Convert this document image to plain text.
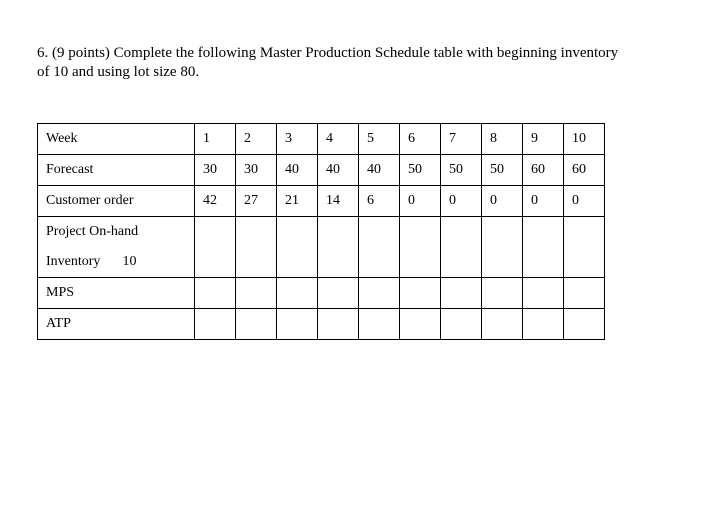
6. (9 points) Complete the following Master Production Schedule table with beginning inventory
of 10 and using lot size 80.
Week	1	2	3	4	5	6	7	8	9	10
Forecast	30	30	40	40	40	50	50	50	60	60
Customer order	42	27	21	14	6	0	0	0	0	0

Project On-hand
Inventory 10										

MPS										
ATP										
